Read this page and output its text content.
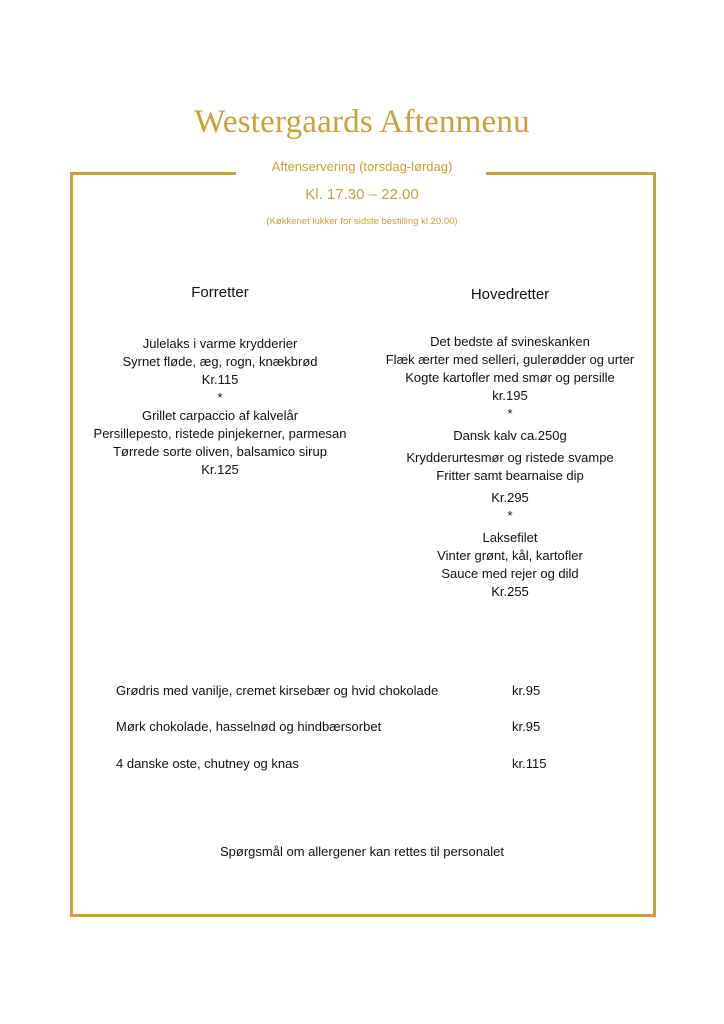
Westergaards Aftenmenu
Aftenservering (torsdag-lørdag)
Kl. 17.30 – 22.00
(Køkkenet lukker for sidste bestilling kl.20.00)
Forretter
Julelaks i varme krydderier
Syrnet fløde, æg, rogn, knækbrød
Kr.115
*
Grillet carpaccio af kalvelår
Persillepesto, ristede pinjekerner, parmesan
Tørrede sorte oliven, balsamico sirup
Kr.125
Hovedretter
Det bedste af svineskanken
Flæk ærter med selleri, gulerødder og urter
Kogte kartofler med smør og persille
kr.195
*
Dansk kalv ca.250g
Krydderurtesmør og ristede svampe
Fritter samt bearnaise dip
Kr.295
*
Laksefilet
Vinter grønt, kål, kartofler
Sauce med rejer og dild
Kr.255
Grødris med vanilje, cremet kirsebær og hvid chokolade	kr.95
Mørk chokolade, hasselnød og hindbærsorbet	kr.95
4 danske oste, chutney og knas	kr.115
Spørgsmål om allergener kan rettes til personalet
